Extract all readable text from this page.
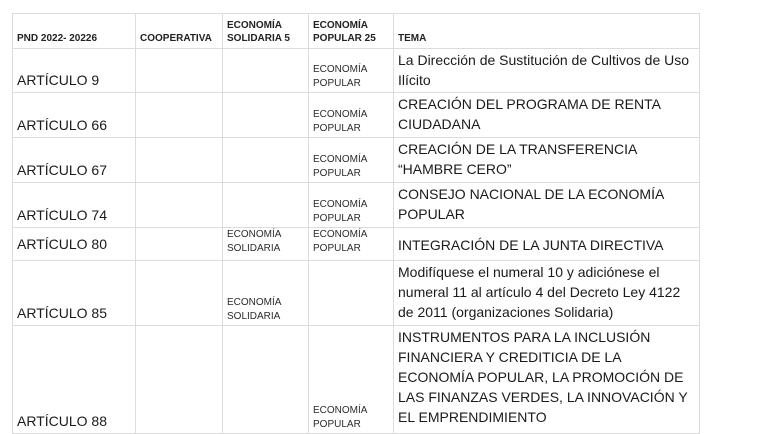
PND 2022- 20226	COOPERATIVA	ECONOMÍA SOLIDARIA 5	ECONOMÍA POPULAR 25	TEMA
ARTÍCULO 9			ECONOMÍA POPULAR	La Dirección de Sustitución de Cultivos de Uso Ilícito
ARTÍCULO 66			ECONOMÍA POPULAR	CREACIÓN DEL PROGRAMA DE RENTA CIUDADANA
ARTÍCULO 67			ECONOMÍA POPULAR	CREACIÓN DE LA TRANSFERENCIA “HAMBRE CERO”
ARTÍCULO 74			ECONOMÍA POPULAR	CONSEJO NACIONAL DE LA ECONOMÍA POPULAR
ARTÍCULO 80		ECONOMÍA SOLIDARIA	ECONOMÍA POPULAR	INTEGRACIÓN DE LA JUNTA DIRECTIVA
ARTÍCULO 85		ECONOMÍA SOLIDARIA		Modifíquese el numeral 10 y adiciónese el numeral 11 al artículo 4 del Decreto Ley 4122 de 2011 (organizaciones Solidaria)
ARTÍCULO 88			ECONOMÍA POPULAR	INSTRUMENTOS PARA LA INCLUSIÓN FINANCIERA Y CREDITICIA DE LA ECONOMÍA POPULAR, LA PROMOCIÓN DE LAS FINANZAS VERDES, LA INNOVACIÓN Y EL EMPRENDIMIENTO
